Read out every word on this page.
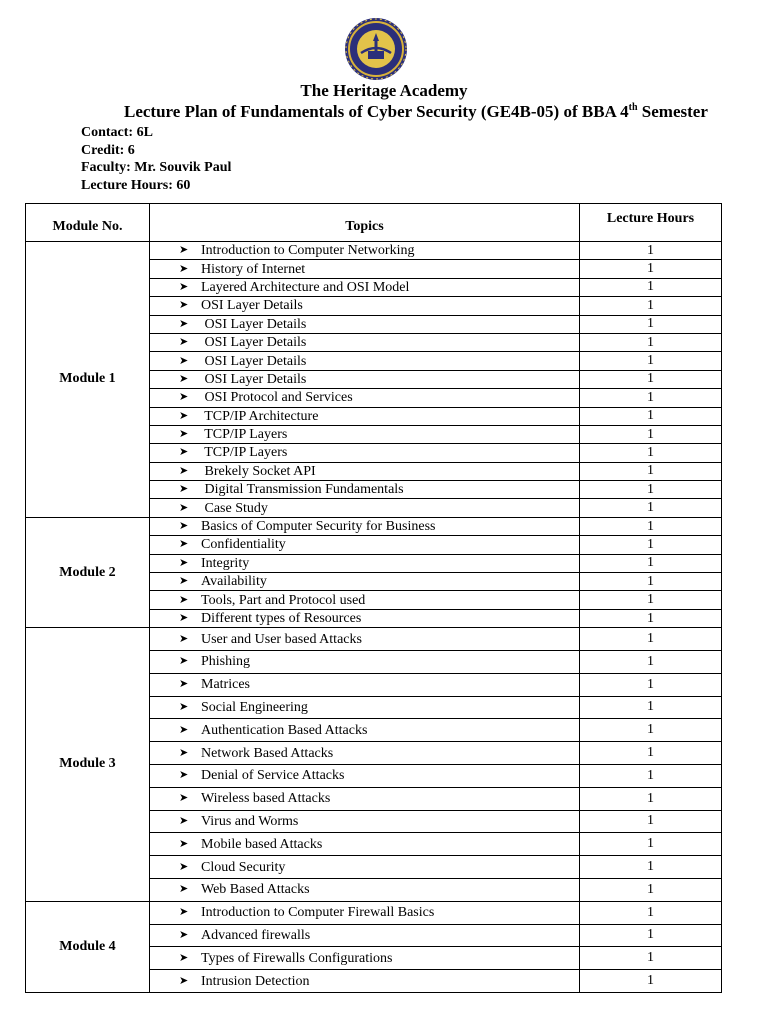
The Heritage Academy
Lecture Plan of Fundamentals of Cyber Security (GE4B-05) of BBA 4th Semester
Contact: 6L
Credit: 6
Faculty: Mr. Souvik Paul
Lecture Hours: 60
Module No.	Topics	Lecture Hours
Module 1	➤ Introduction to Computer Networking	1
	➤ History of Internet	1
	➤ Layered Architecture and OSI Model	1
	➤ OSI Layer Details	1
	➤ OSI Layer Details	1
	➤ OSI Layer Details	1
	➤ OSI Layer Details	1
	➤ OSI Layer Details	1
	➤ OSI Protocol and Services	1
	➤ TCP/IP Architecture	1
	➤ TCP/IP Layers	1
	➤ TCP/IP Layers	1
	➤ Brekely Socket API	1
	➤ Digital Transmission Fundamentals	1
	➤ Case Study	1
Module 2	➤ Basics of Computer Security for Business	1
	➤ Confidentiality	1
	➤ Integrity	1
	➤ Availability	1
	➤ Tools, Part and Protocol used	1
	➤ Different types of Resources	1
Module 3	➤ User and User based Attacks	1
	➤ Phishing	1
	➤ Matrices	1
	➤ Social Engineering	1
	➤ Authentication Based Attacks	1
	➤ Network Based Attacks	1
	➤ Denial of Service Attacks	1
	➤ Wireless based Attacks	1
	➤ Virus and Worms	1
	➤ Mobile based Attacks	1
	➤ Cloud Security	1
	➤ Web Based Attacks	1
Module 4	➤ Introduction to Computer Firewall Basics	1
	➤ Advanced firewalls	1
	➤ Types of Firewalls Configurations	1
	➤ Intrusion Detection	1
